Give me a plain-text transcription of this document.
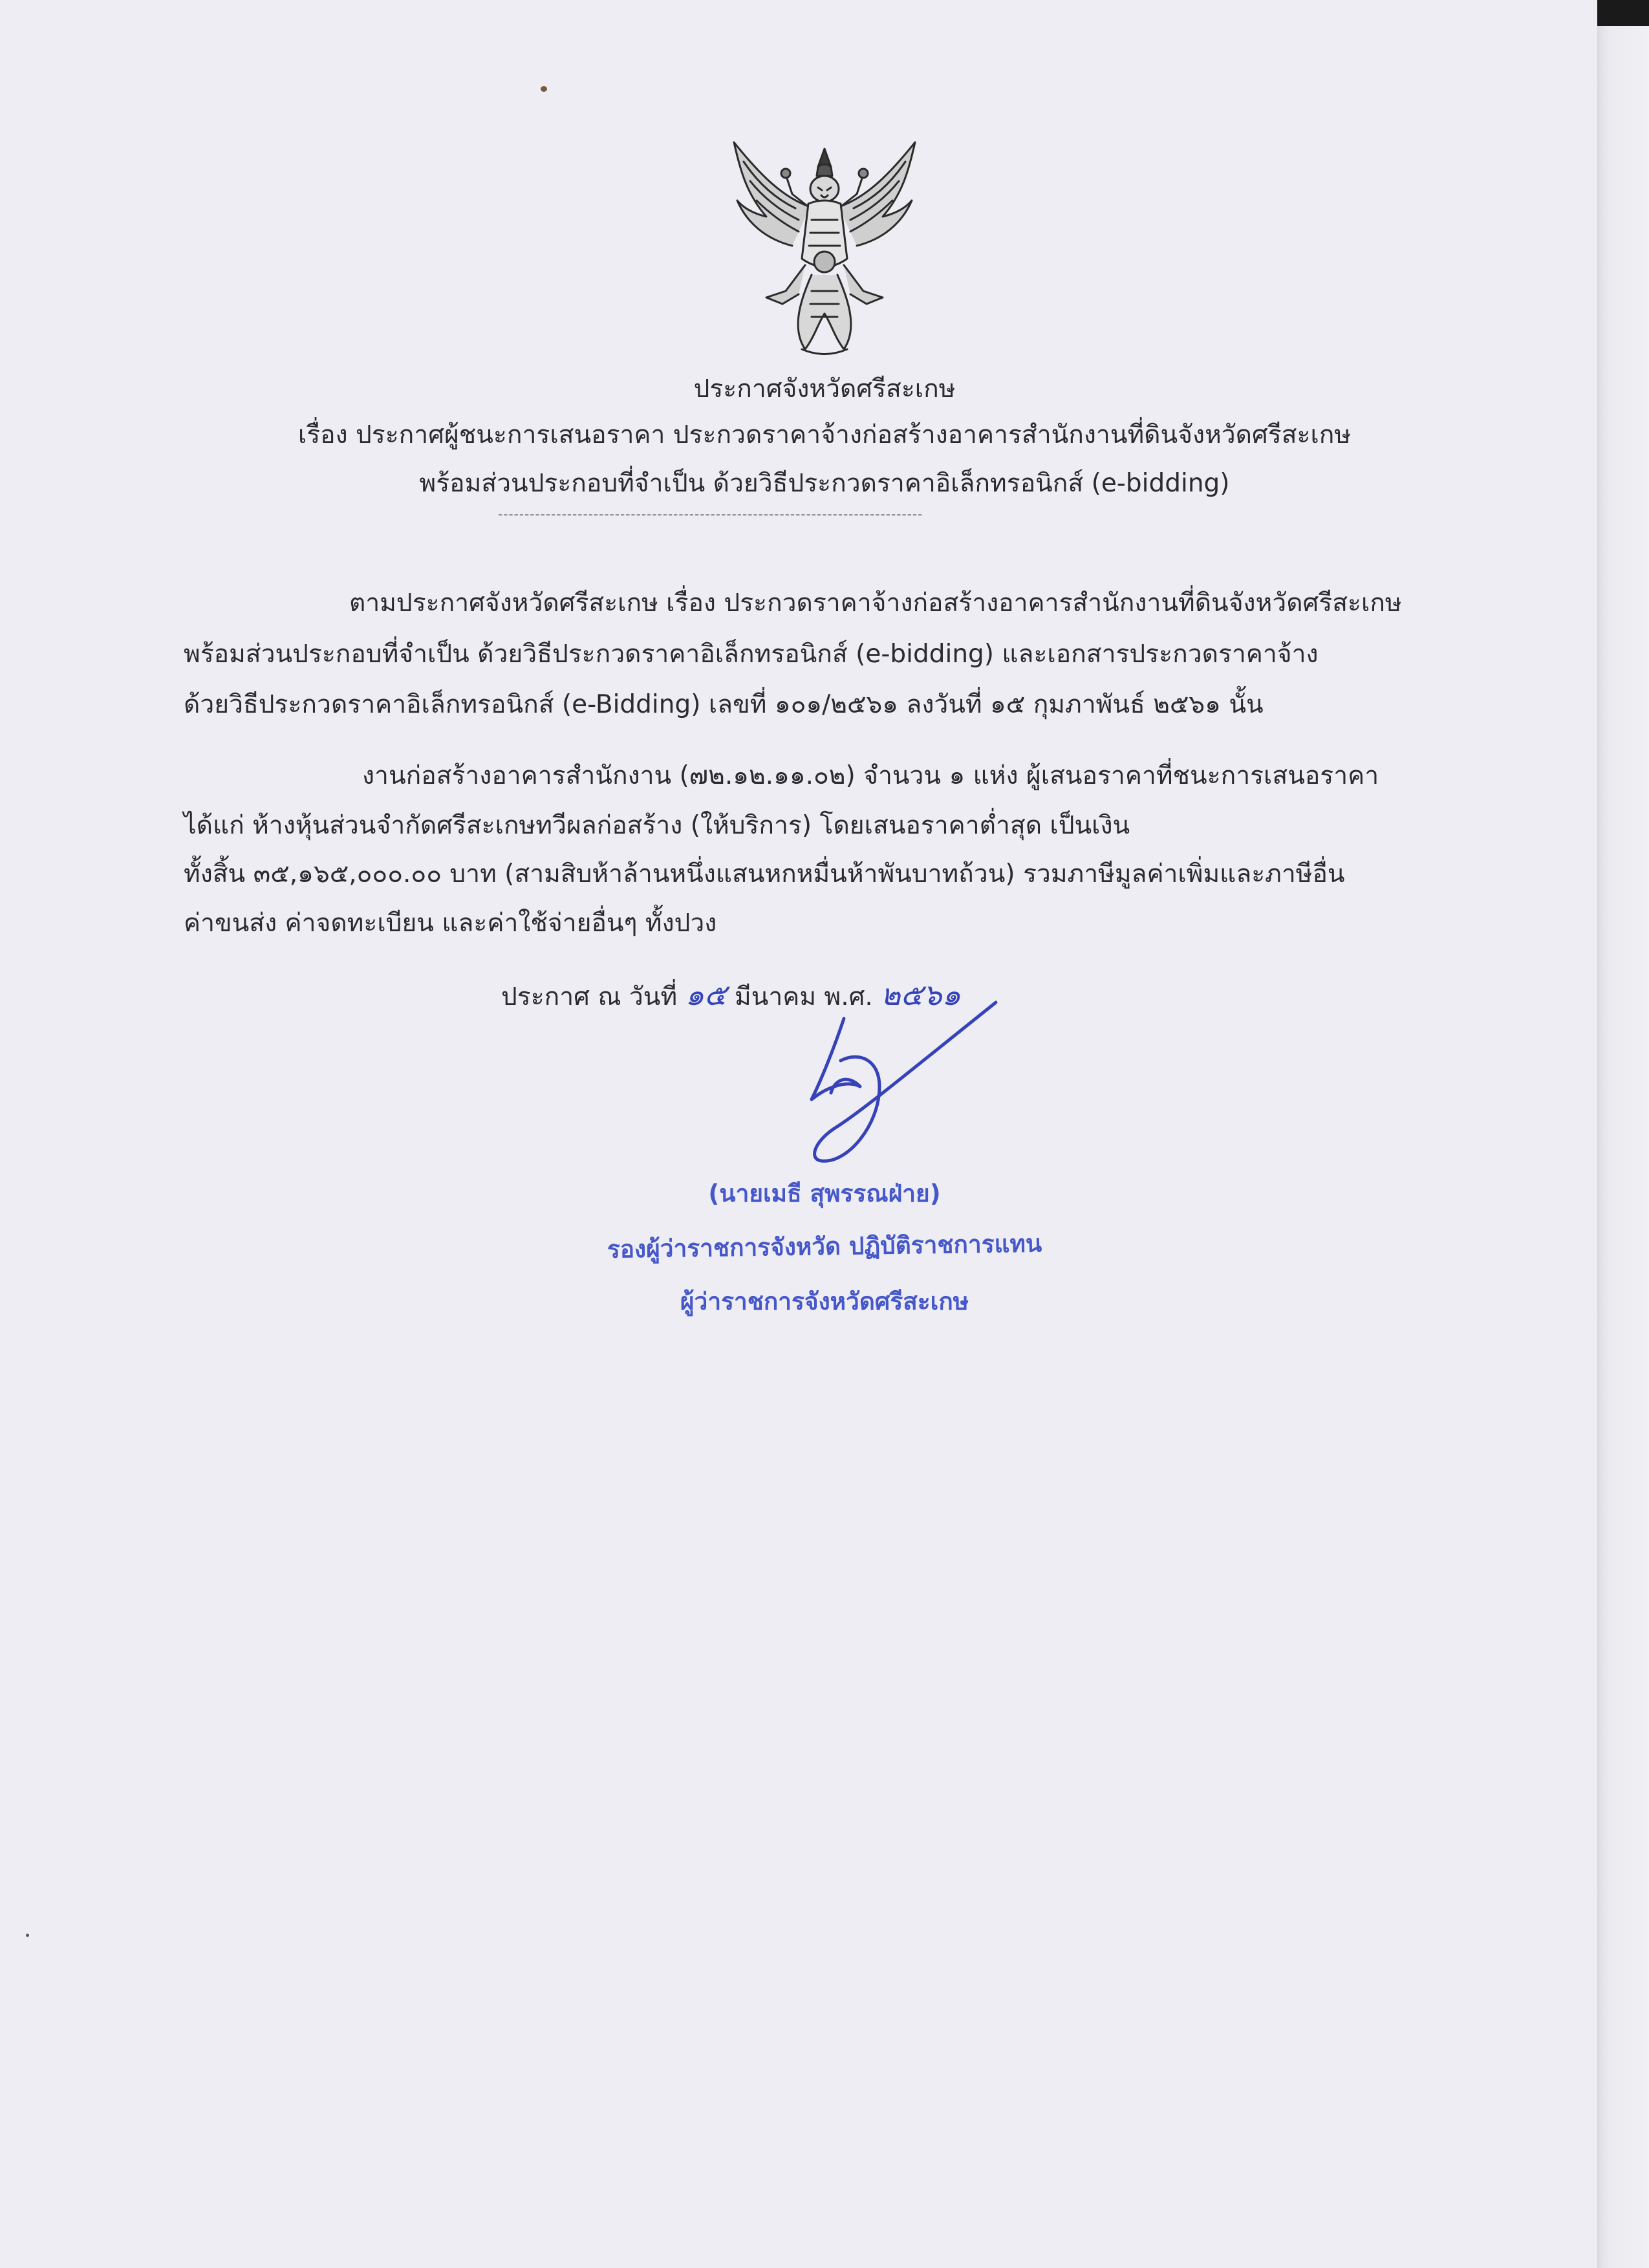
ประกาศจังหวัดศรีสะเกษ
เรื่อง ประกาศผู้ชนะการเสนอราคา ประกวดราคาจ้างก่อสร้างอาคารสำนักงานที่ดินจังหวัดศรีสะเกษ
พร้อมส่วนประกอบที่จำเป็น ด้วยวิธีประกวดราคาอิเล็กทรอนิกส์ (e-bidding)
--------------------------------------------------------------------------------
ตามประกาศจังหวัดศรีสะเกษ เรื่อง ประกวดราคาจ้างก่อสร้างอาคารสำนักงานที่ดินจังหวัดศรีสะเกษ
พร้อมส่วนประกอบที่จำเป็น ด้วยวิธีประกวดราคาอิเล็กทรอนิกส์ (e-bidding) และเอกสารประกวดราคาจ้าง
ด้วยวิธีประกวดราคาอิเล็กทรอนิกส์ (e-Bidding) เลขที่ ๑๐๑/๒๕๖๑ ลงวันที่ ๑๕ กุมภาพันธ์ ๒๕๖๑ นั้น
งานก่อสร้างอาคารสำนักงาน (๗๒.๑๒.๑๑.๐๒) จำนวน ๑ แห่ง ผู้เสนอราคาที่ชนะการเสนอราคา
ได้แก่ ห้างหุ้นส่วนจำกัดศรีสะเกษทวีผลก่อสร้าง (ให้บริการ) โดยเสนอราคาต่ำสุด เป็นเงิน
ทั้งสิ้น ๓๕,๑๖๕,๐๐๐.๐๐ บาท (สามสิบห้าล้านหนึ่งแสนหกหมื่นห้าพันบาทถ้วน) รวมภาษีมูลค่าเพิ่มและภาษีอื่น
ค่าขนส่ง ค่าจดทะเบียน และค่าใช้จ่ายอื่นๆ ทั้งปวง
ประกาศ ณ วันที่ ๑๕ มีนาคม พ.ศ. ๒๕๖๑
(นายเมธี สุพรรณฝ่าย)
รองผู้ว่าราชการจังหวัด ปฏิบัติราชการแทน
ผู้ว่าราชการจังหวัดศรีสะเกษ
